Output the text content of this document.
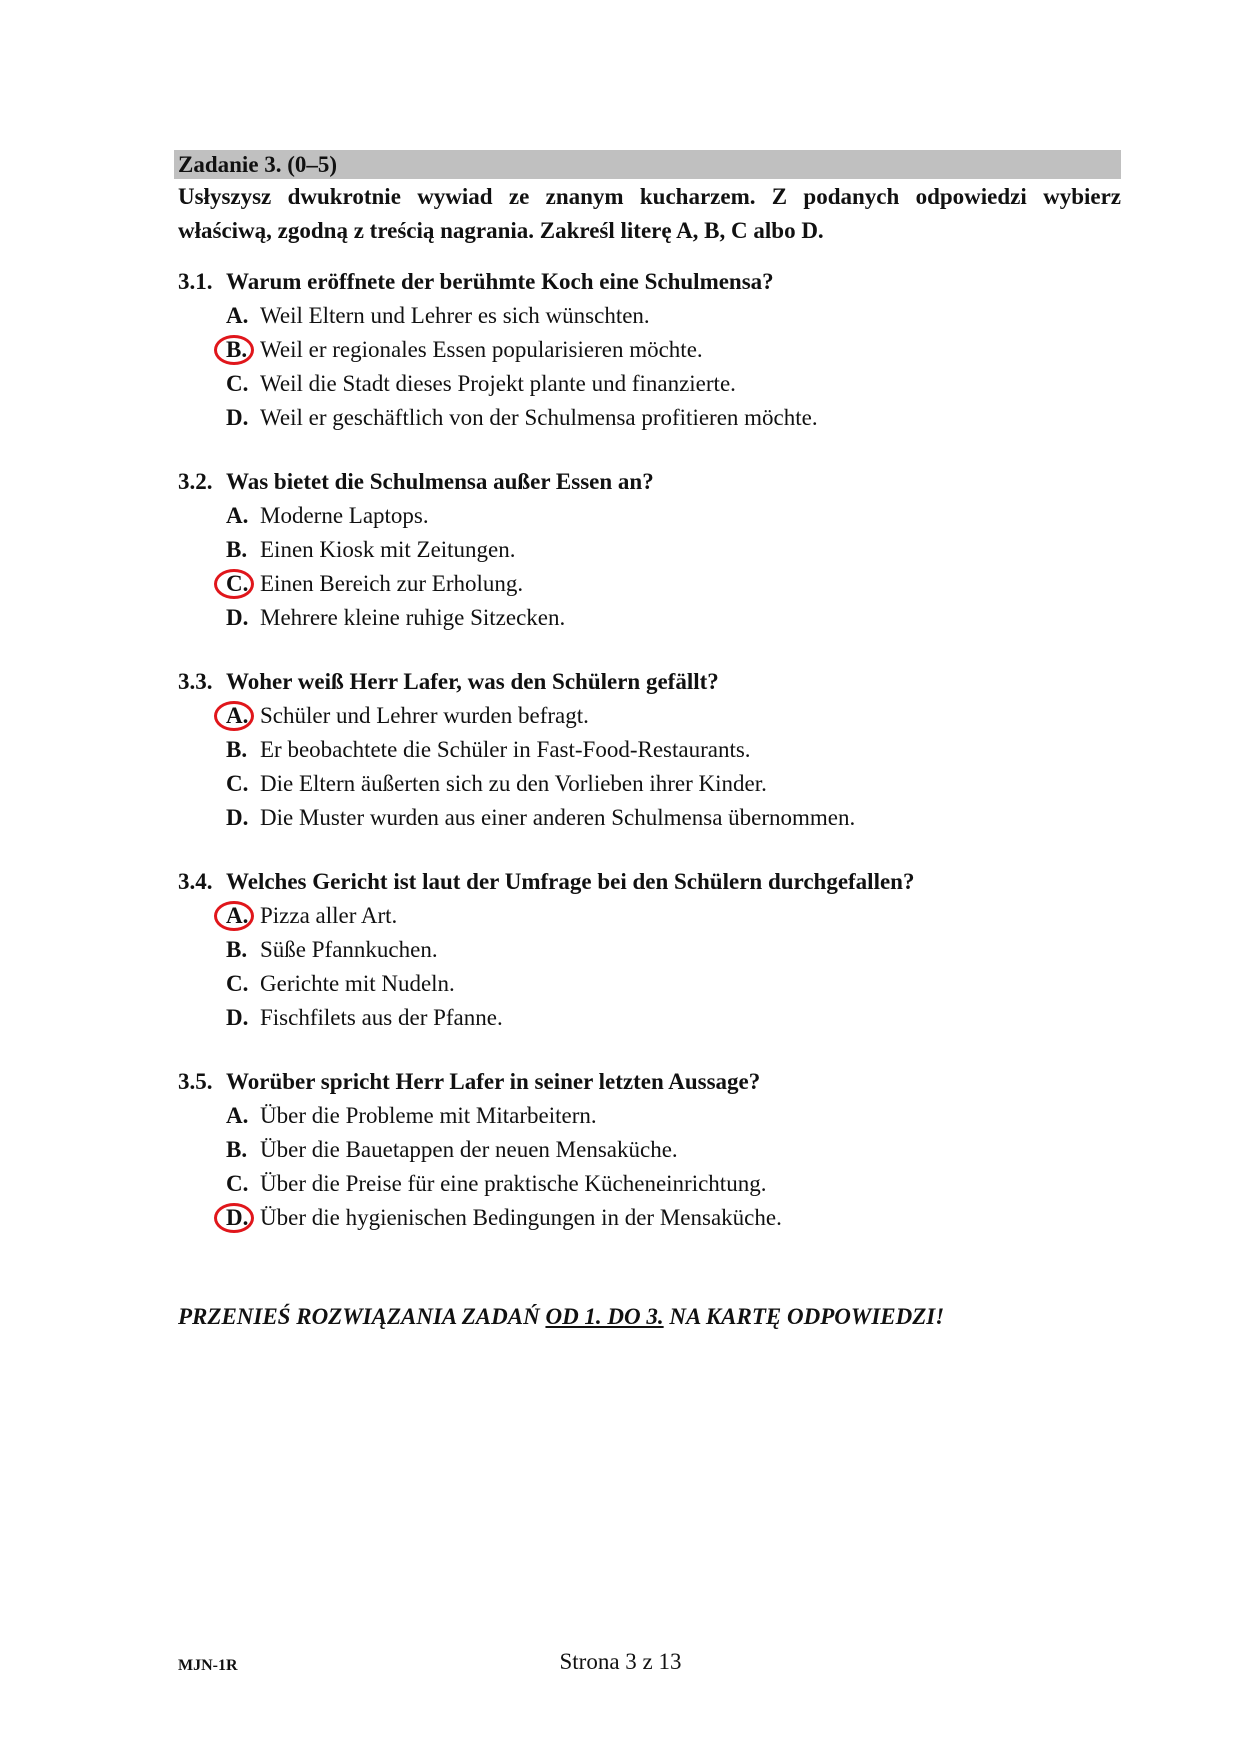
Zadanie 3. (0–5)
Usłyszysz dwukrotnie wywiad ze znanym kucharzem. Z podanych odpowiedzi wybierz właściwą, zgodną z treścią nagrania. Zakreśl literę A, B, C albo D.
3.1. Warum eröffnete der berühmte Koch eine Schulmensa?
A. Weil Eltern und Lehrer es sich wünschten.
B. Weil er regionales Essen popularisieren möchte.
C. Weil die Stadt dieses Projekt plante und finanzierte.
D. Weil er geschäftlich von der Schulmensa profitieren möchte.
3.2. Was bietet die Schulmensa außer Essen an?
A. Moderne Laptops.
B. Einen Kiosk mit Zeitungen.
C. Einen Bereich zur Erholung.
D. Mehrere kleine ruhige Sitzecken.
3.3. Woher weiß Herr Lafer, was den Schülern gefällt?
A. Schüler und Lehrer wurden befragt.
B. Er beobachtete die Schüler in Fast-Food-Restaurants.
C. Die Eltern äußerten sich zu den Vorlieben ihrer Kinder.
D. Die Muster wurden aus einer anderen Schulmensa übernommen.
3.4. Welches Gericht ist laut der Umfrage bei den Schülern durchgefallen?
A. Pizza aller Art.
B. Süße Pfannkuchen.
C. Gerichte mit Nudeln.
D. Fischfilets aus der Pfanne.
3.5. Worüber spricht Herr Lafer in seiner letzten Aussage?
A. Über die Probleme mit Mitarbeitern.
B. Über die Bauetappen der neuen Mensaküche.
C. Über die Preise für eine praktische Kücheneinrichtung.
D. Über die hygienischen Bedingungen in der Mensaküche.
PRZENIEŚ ROZWIĄZANIA ZADAŃ OD 1. DO 3. NA KARTĘ ODPOWIEDZI!
MJN-1R	Strona 3 z 13
